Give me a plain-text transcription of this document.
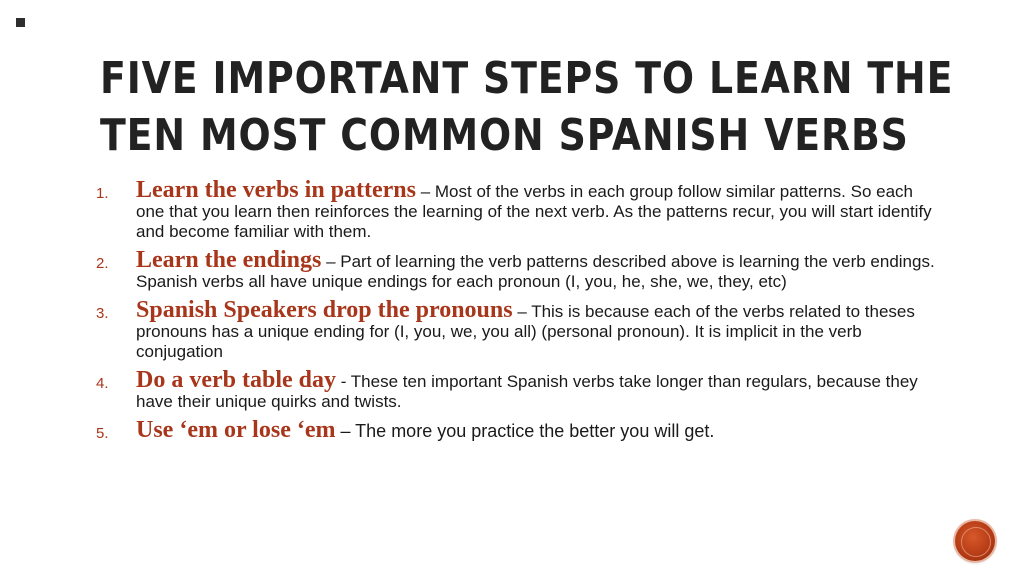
FIVE IMPORTANT STEPS TO LEARN THE
TEN MOST COMMON SPANISH VERBS
1. Learn the verbs in patterns – Most of the verbs in each group follow similar patterns. So each one that you learn then reinforces the learning of the next verb. As the patterns recur, you will start identify and become familiar with them.
2. Learn the endings – Part of learning the verb patterns described above is learning the verb endings. Spanish verbs all have unique endings for each pronoun (I, you, he, she, we, they, etc)
3. Spanish Speakers drop the pronouns – This is because each of the verbs related to theses pronouns has a unique ending for (I, you, we, you all) (personal pronoun). It is implicit in the verb conjugation
4. Do a verb table day - These ten important Spanish verbs take longer than regulars, because they have their unique quirks and twists.
5. Use ‘em or lose ‘em – The more you practice the better you will get.
